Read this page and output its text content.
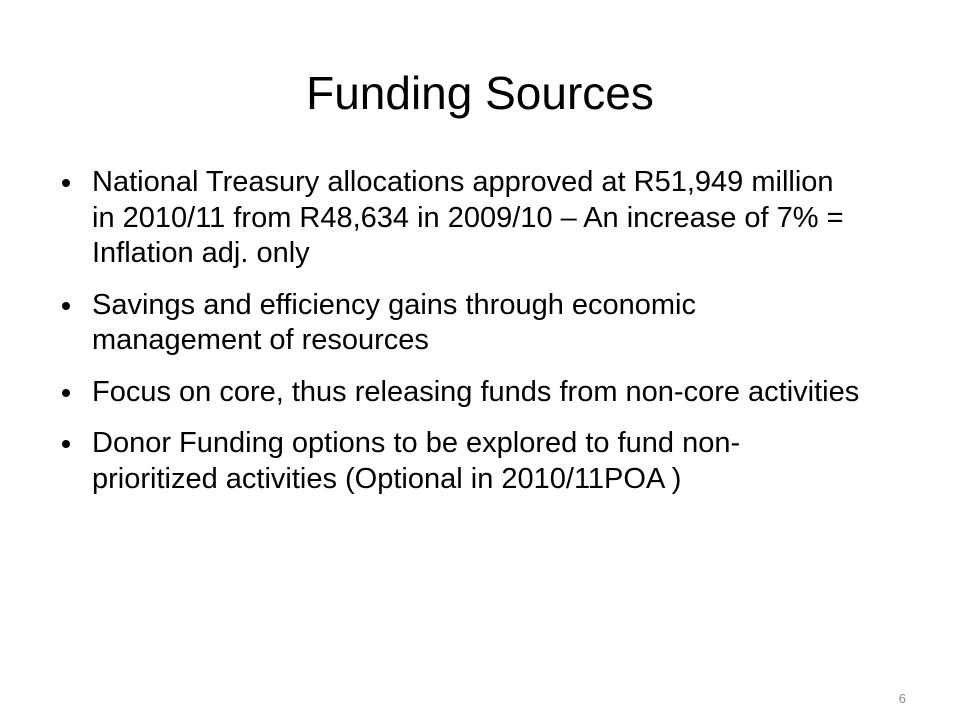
Funding Sources
National Treasury allocations approved at R51,949 million in 2010/11 from R48,634 in 2009/10 – An increase of 7% = Inflation adj. only
Savings and efficiency gains through economic management of resources
Focus on core, thus releasing funds from non-core activities
Donor Funding options to be explored to fund non-prioritized activities (Optional in 2010/11POA )
6
